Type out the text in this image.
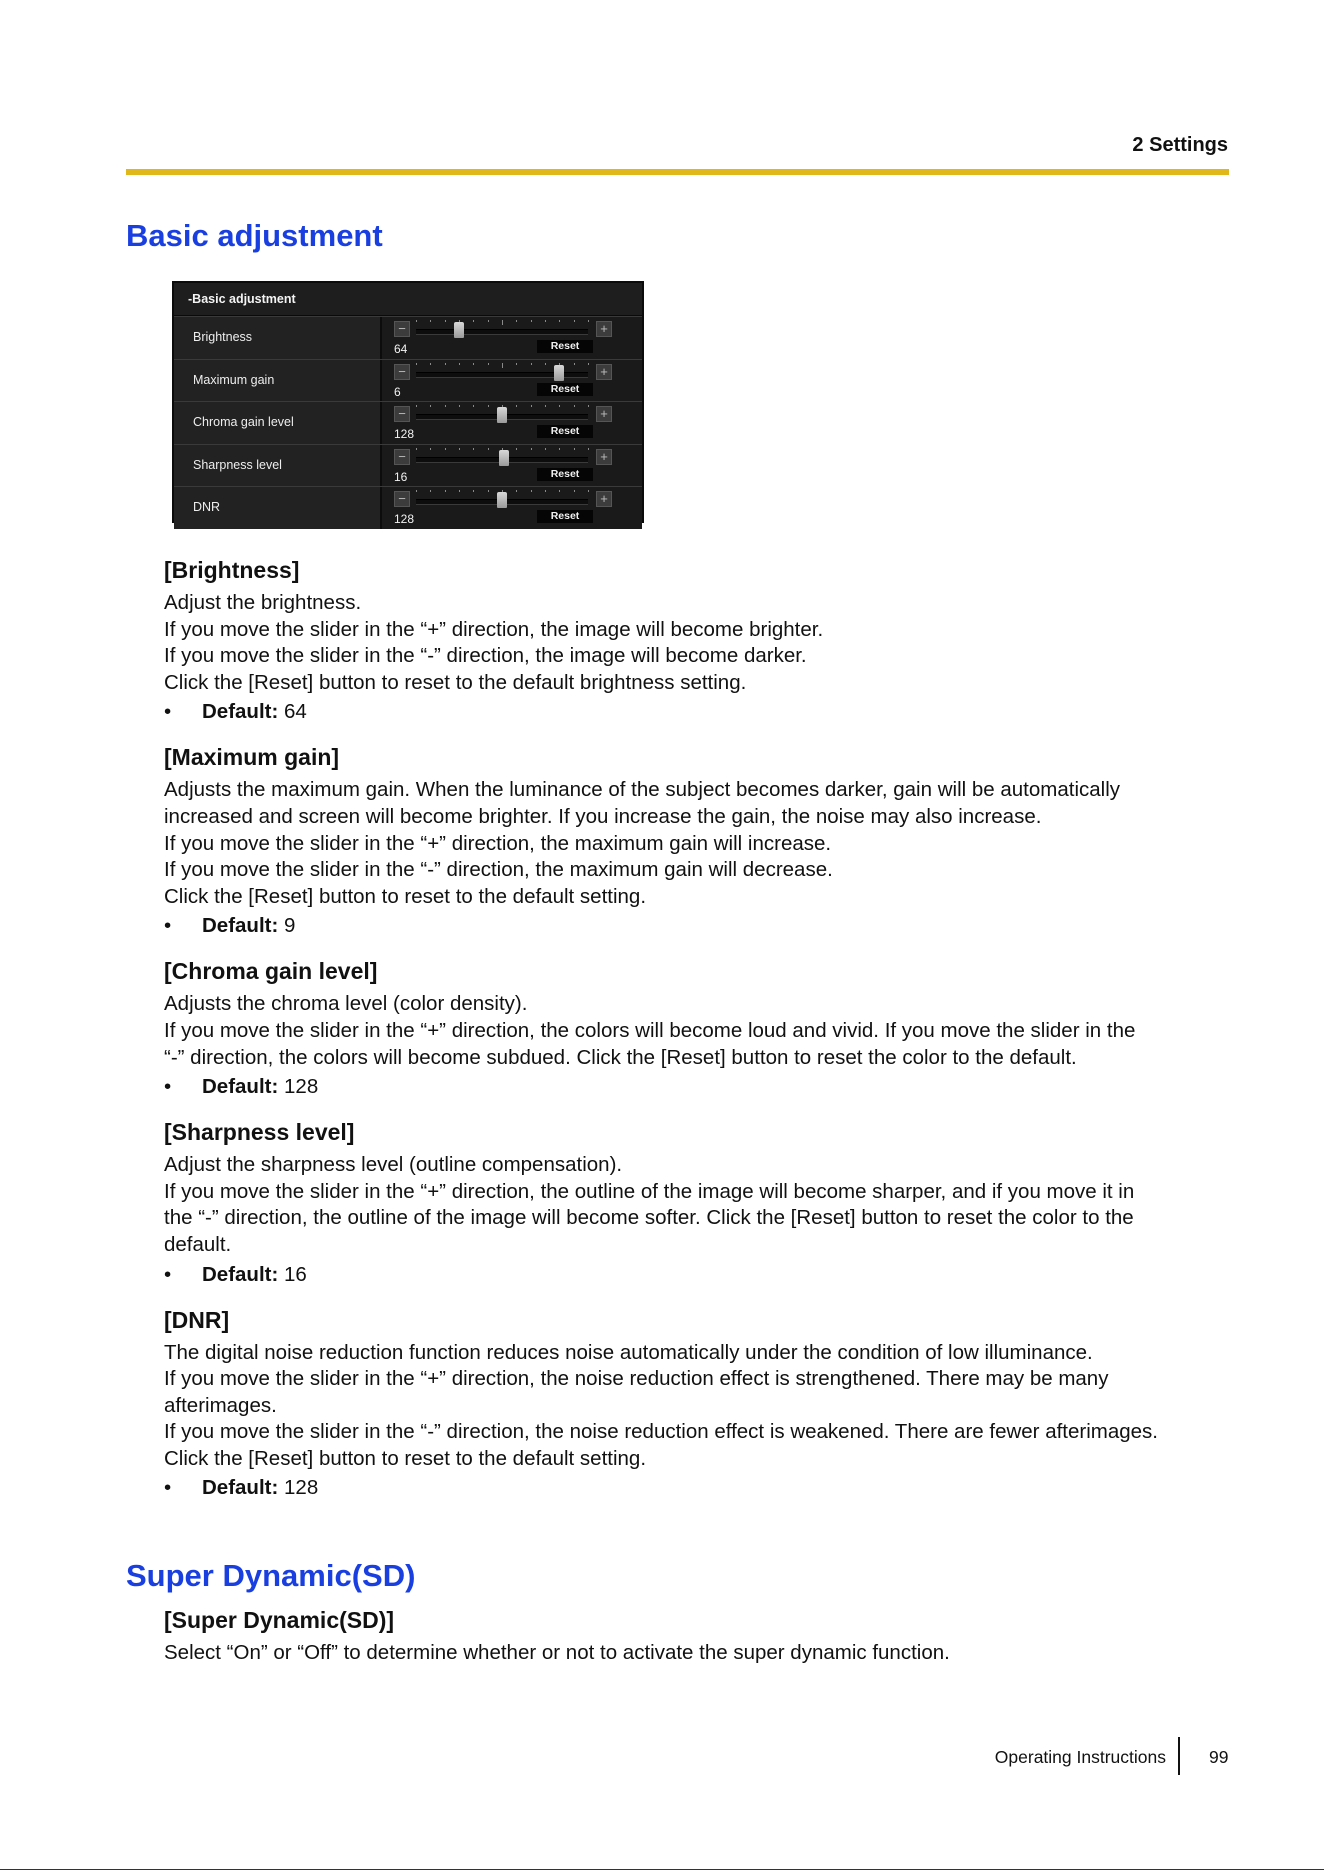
2 Settings
Basic adjustment
-Basic adjustment
Brightness
−	+
64	Reset
Maximum gain
−	+
6	Reset
Chroma gain level
−	+
128	Reset
Sharpness level
−	+
16	Reset
DNR
−	+
128	Reset
[Brightness]

Adjust the brightness.

If you move the slider in the “+” direction, the image will become brighter.

If you move the slider in the “-” direction, the image will become darker.

Click the [Reset] button to reset to the default brightness setting.

• Default: 64
[Maximum gain]

Adjusts the maximum gain. When the luminance of the subject becomes darker, gain will be automatically

increased and screen will become brighter. If you increase the gain, the noise may also increase.

If you move the slider in the “+” direction, the maximum gain will increase.

If you move the slider in the “-” direction, the maximum gain will decrease.

Click the [Reset] button to reset to the default setting.

• Default: 9
[Chroma gain level]

Adjusts the chroma level (color density).

If you move the slider in the “+” direction, the colors will become loud and vivid. If you move the slider in the

“-” direction, the colors will become subdued. Click the [Reset] button to reset the color to the default.

• Default: 128
[Sharpness level]

Adjust the sharpness level (outline compensation).

If you move the slider in the “+” direction, the outline of the image will become sharper, and if you move it in

the “-” direction, the outline of the image will become softer. Click the [Reset] button to reset the color to the

default.

• Default: 16
[DNR]

The digital noise reduction function reduces noise automatically under the condition of low illuminance.

If you move the slider in the “+” direction, the noise reduction effect is strengthened. There may be many

afterimages.

If you move the slider in the “-” direction, the noise reduction effect is weakened. There are fewer afterimages.

Click the [Reset] button to reset to the default setting.

• Default: 128
Super Dynamic(SD)
[Super Dynamic(SD)]

Select “On” or “Off” to determine whether or not to activate the super dynamic function.

Operating Instructions 99
